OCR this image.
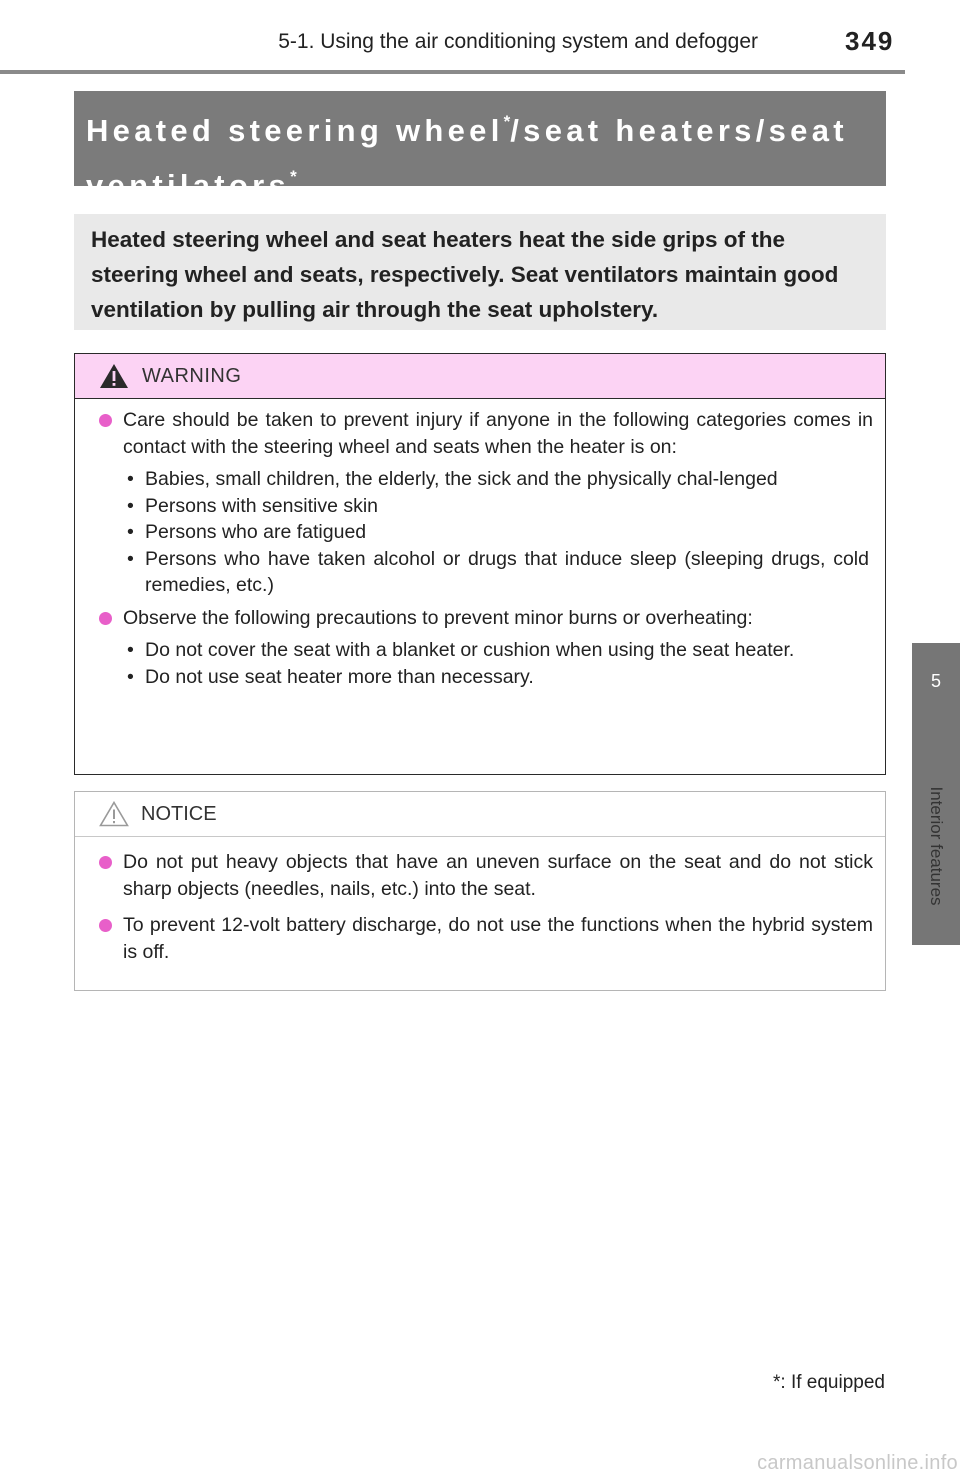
5-1. Using the air conditioning system and defogger	349
5
Interior features
Heated steering wheel*/seat heaters/seat ventilators*

Heated steering wheel and seat heaters heat the side grips of the steering wheel and seats, respectively. Seat ventilators maintain good ventilation by pulling air through the seat upholstery.

WARNING
Care should be taken to prevent injury if anyone in the following categories comes in contact with the steering wheel and seats when the heater is on:
• Babies, small children, the elderly, the sick and the physically chal-lenged
• Persons with sensitive skin
• Persons who are fatigued
• Persons who have taken alcohol or drugs that induce sleep (sleeping drugs, cold remedies, etc.)
Observe the following precautions to prevent minor burns or overheating:
• Do not cover the seat with a blanket or cushion when using the seat heater.
• Do not use seat heater more than necessary.
NOTICE
Do not put heavy objects that have an uneven surface on the seat and do not stick sharp objects (needles, nails, etc.) into the seat.
To prevent 12-volt battery discharge, do not use the functions when the hybrid system is off.
*: If equipped
carmanualsonline.info
